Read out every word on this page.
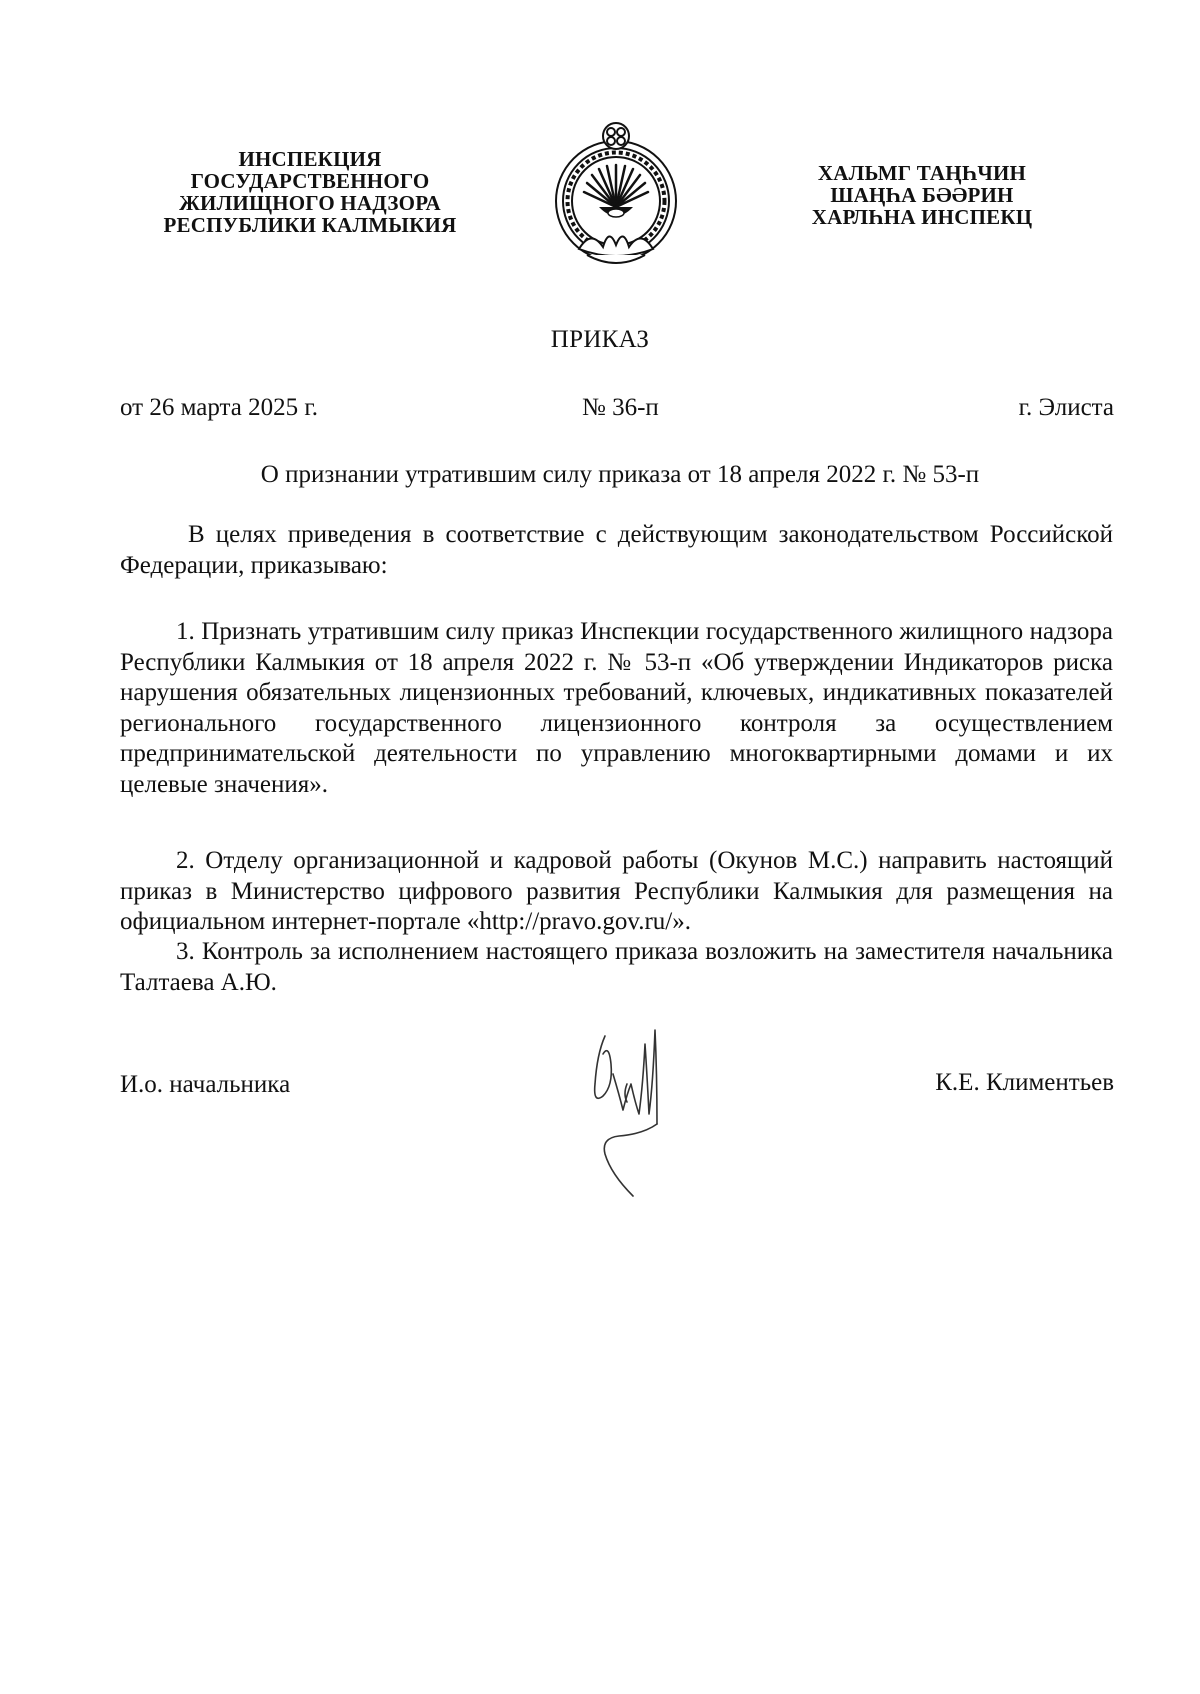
ИНСПЕКЦИЯ
ГОСУДАРСТВЕННОГО
ЖИЛИЩНОГО НАДЗОРА
РЕСПУБЛИКИ КАЛМЫКИЯ
ХАЛЬМГ ТАҢҺЧИН
ШАҢҺА БӘӘРИН
ХАРЛҺНА ИНСПЕКЦ
ПРИКАЗ
от 26 марта 2025 г.	№ 36-п	г. Элиста
О признании утратившим силу приказа от 18 апреля 2022 г. № 53-п
В целях приведения в соответствие с действующим законодательством Российской Федерации, приказываю:
1. Признать утратившим силу приказ Инспекции государственного жилищного надзора Республики Калмыкия от 18 апреля 2022 г. № 53-п «Об утверждении Индикаторов риска нарушения обязательных лицензионных требований, ключевых, индикативных показателей регионального государственного лицензионного контроля за осуществлением предпринимательской деятельности по управлению многоквартирными домами и их целевые значения».
2. Отделу организационной и кадровой работы (Окунов М.С.) направить настоящий приказ в Министерство цифрового развития Республики Калмыкия для размещения на официальном интернет-портале «http://pravo.gov.ru/».
3. Контроль за исполнением настоящего приказа возложить на заместителя начальника Талтаева А.Ю.
И.о. начальника	К.Е. Климентьев
